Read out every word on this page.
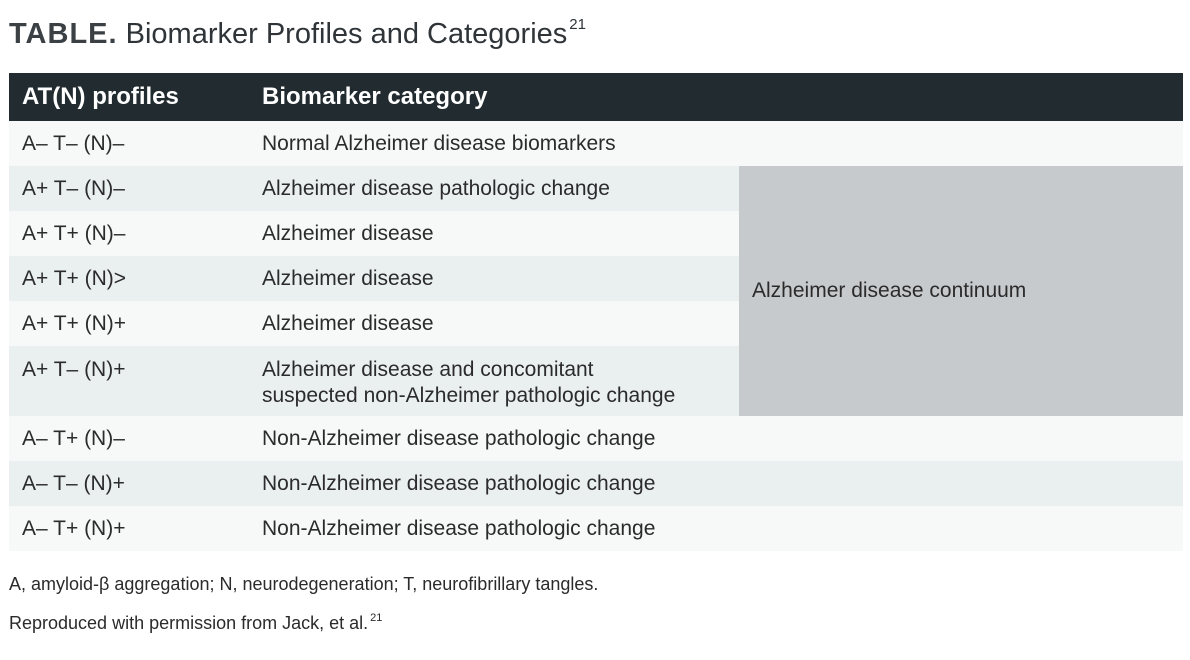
TABLE. Biomarker Profiles and Categories $^{21}$
AT(N) profiles	Biomarker category	
A– T– (N)–	Normal Alzheimer disease biomarkers	
A+ T– (N)–	Alzheimer disease pathologic change	Alzheimer disease continuum
A+ T+ (N)–	Alzheimer disease	
A+ T+ (N)>	Alzheimer disease	
A+ T+ (N)+	Alzheimer disease	
A+ T– (N)+	Alzheimer disease and concomitant
suspected non-Alzheimer pathologic change	
A– T+ (N)–	Non-Alzheimer disease pathologic change	
A– T– (N)+	Non-Alzheimer disease pathologic change	
A– T+ (N)+	Non-Alzheimer disease pathologic change	
A, amyloid-β aggregation; N, neurodegeneration; T, neurofibrillary tangles.
Reproduced with permission from Jack, et al. $^{21}$
